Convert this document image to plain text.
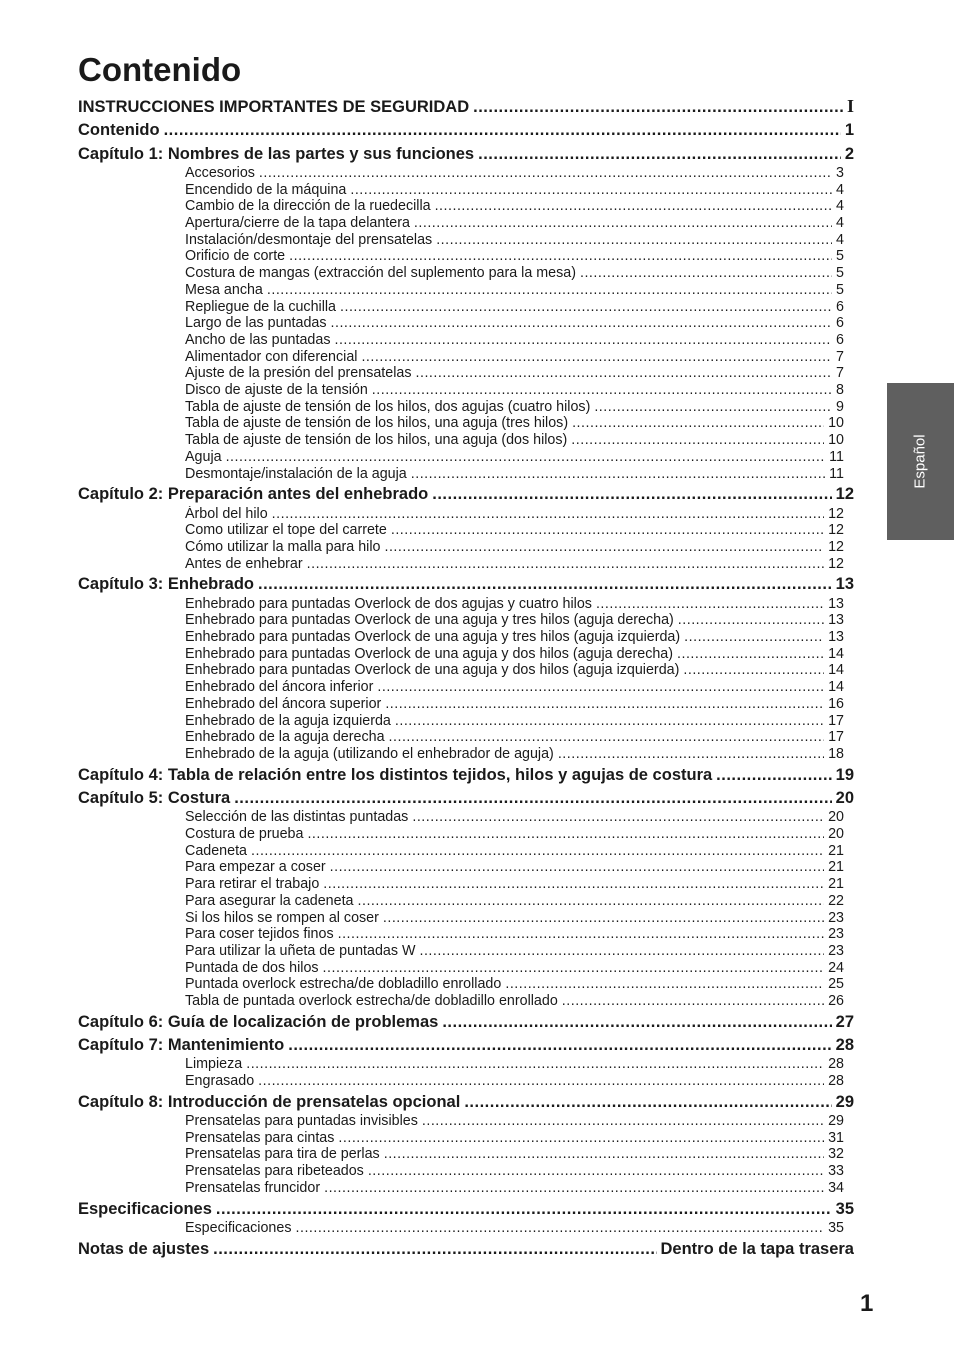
Contenido
INSTRUCCIONES IMPORTANTES DE SEGURIDAD .....	I
Contenido .....	1
Capítulo 1: Nombres de las partes y sus funciones .....	2
Accesorios .....	3
Encendido de la máquina .....	4
Cambio de la dirección de la ruedecilla .....	4
Apertura/cierre de la tapa delantera .....	4
Instalación/desmontaje del prensatelas .....	4
Orificio de corte .....	5
Costura de mangas (extracción del suplemento para la mesa) .....	5
Mesa ancha .....	5
Repliegue de la cuchilla .....	6
Largo de las puntadas .....	6
Ancho de las puntadas .....	6
Alimentador con diferencial .....	7
Ajuste de la presión del prensatelas .....	7
Disco de ajuste de la tensión .....	8
Tabla de ajuste de tensión de los hilos, dos agujas (cuatro hilos) .....	9
Tabla de ajuste de tensión de los hilos, una aguja (tres hilos) .....	10
Tabla de ajuste de tensión de los hilos, una aguja (dos hilos) .....	10
Aguja .....	11
Desmontaje/instalación de la aguja .....	11
Capítulo 2: Preparación antes del enhebrado .....	12
Árbol del hilo .....	12
Como utilizar el tope del carrete .....	12
Cómo utilizar la malla para hilo .....	12
Antes de enhebrar .....	12
Capítulo 3: Enhebrado .....	13
Enhebrado para puntadas Overlock de dos agujas y cuatro hilos .....	13
Enhebrado para puntadas Overlock de una aguja y tres hilos (aguja derecha) .....	13
Enhebrado para puntadas Overlock de una aguja y tres hilos (aguja izquierda) .....	13
Enhebrado para puntadas Overlock de una aguja y dos hilos (aguja derecha) .....	14
Enhebrado para puntadas Overlock de una aguja y dos hilos (aguja izquierda) .....	14
Enhebrado del áncora inferior .....	14
Enhebrado del áncora superior .....	16
Enhebrado de la aguja izquierda .....	17
Enhebrado de la aguja derecha .....	17
Enhebrado de la aguja (utilizando el enhebrador de aguja) .....	18
Capítulo 4: Tabla de relación entre los distintos tejidos, hilos y agujas de costura .....	19
Capítulo 5: Costura .....	20
Selección de las distintas puntadas .....	20
Costura de prueba .....	20
Cadeneta .....	21
Para empezar a coser .....	21
Para retirar el trabajo .....	21
Para asegurar la cadeneta .....	22
Si los hilos se rompen al coser .....	23
Para coser tejidos finos .....	23
Para utilizar la uñeta de puntadas W .....	23
Puntada de dos hilos .....	24
Puntada overlock estrecha/de dobladillo enrollado .....	25
Tabla de puntada overlock estrecha/de dobladillo enrollado .....	26
Capítulo 6: Guía de localización de problemas .....	27
Capítulo 7: Mantenimiento .....	28
Limpieza .....	28
Engrasado .....	28
Capítulo 8: Introducción de prensatelas opcional .....	29
Prensatelas para puntadas invisibles .....	29
Prensatelas para cintas .....	31
Prensatelas para tira de perlas .....	32
Prensatelas para ribeteados .....	33
Prensatelas fruncidor .....	34
Especificaciones .....	35
Especificaciones .....	35
Notas de ajustes .....	Dentro de la tapa trasera
Español
1
